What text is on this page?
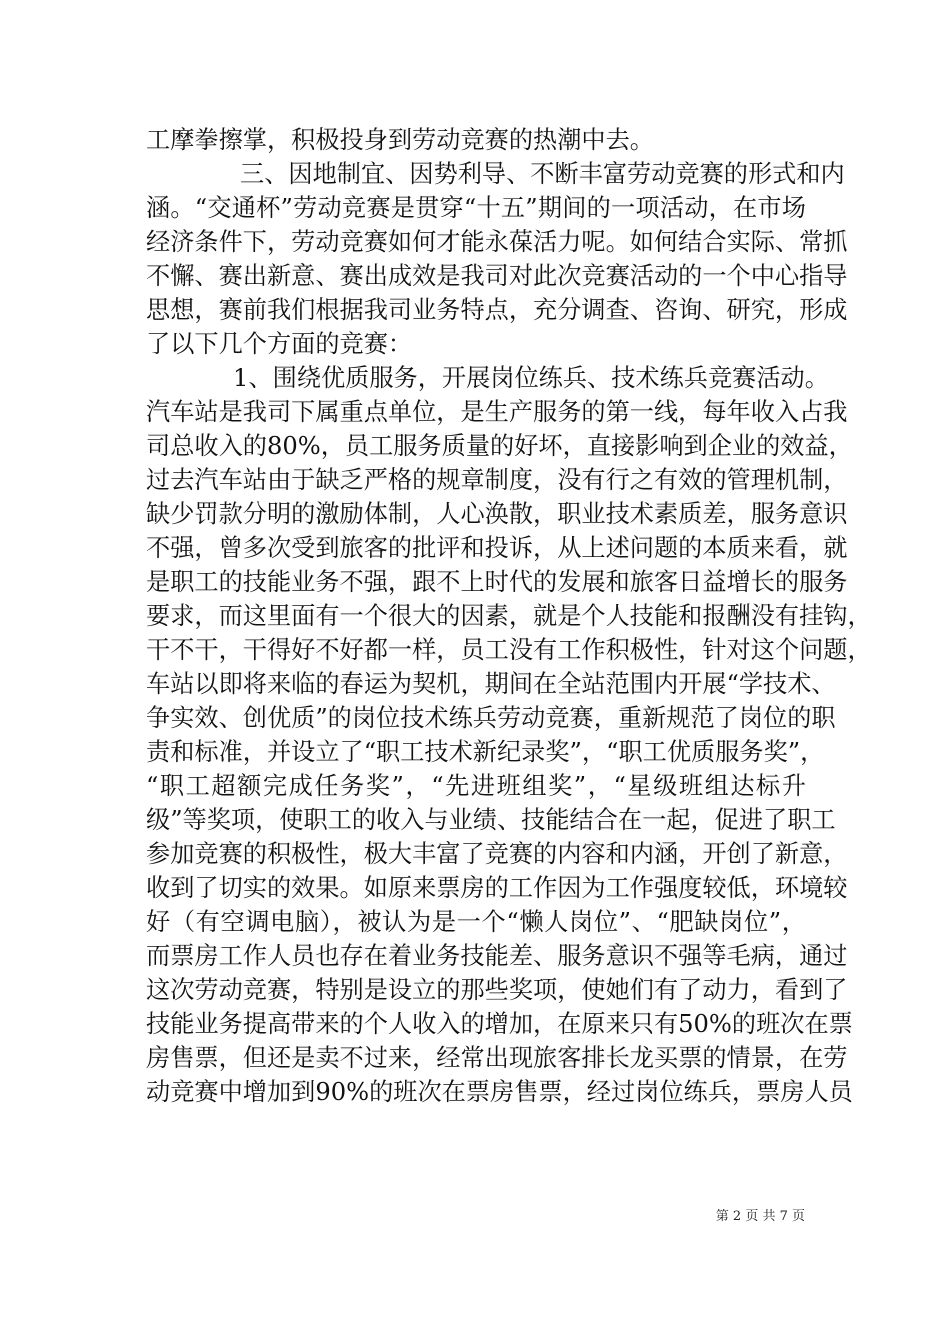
工摩拳擦掌，积极投身到劳动竞赛的热潮中去。
三、因地制宜、因势利导、不断丰富劳动竞赛的形式和内
涵。“交通杯”劳动竞赛是贯穿“十五”期间的一项活动，在市场
经济条件下，劳动竞赛如何才能永葆活力呢。如何结合实际、常抓
不懈、赛出新意、赛出成效是我司对此次竞赛活动的一个中心指导
思想，赛前我们根据我司业务特点，充分调查、咨询、研究，形成
了以下几个方面的竞赛：
1、围绕优质服务，开展岗位练兵、技术练兵竞赛活动。
汽车站是我司下属重点单位，是生产服务的第一线，每年收入占我
司总收入的80%，员工服务质量的好坏，直接影响到企业的效益，
过去汽车站由于缺乏严格的规章制度，没有行之有效的管理机制，
缺少罚款分明的激励体制，人心涣散，职业技术素质差，服务意识
不强，曾多次受到旅客的批评和投诉，从上述问题的本质来看，就
是职工的技能业务不强，跟不上时代的发展和旅客日益增长的服务
要求，而这里面有一个很大的因素，就是个人技能和报酬没有挂钩，
干不干，干得好不好都一样，员工没有工作积极性，针对这个问题，
车站以即将来临的春运为契机，期间在全站范围内开展“学技术、
争实效、创优质”的岗位技术练兵劳动竞赛，重新规范了岗位的职
责和标准，并设立了“职工技术新纪录奖”，“职工优质服务奖”，
“职工超额完成任务奖”，“先进班组奖”，“星级班组达标升
级”等奖项，使职工的收入与业绩、技能结合在一起，促进了职工
参加竞赛的积极性，极大丰富了竞赛的内容和内涵，开创了新意，
收到了切实的效果。如原来票房的工作因为工作强度较低，环境较
好（有空调电脑），被认为是一个“懒人岗位”、“肥缺岗位”，
而票房工作人员也存在着业务技能差、服务意识不强等毛病，通过
这次劳动竞赛，特别是设立的那些奖项，使她们有了动力，看到了
技能业务提高带来的个人收入的增加，在原来只有50%的班次在票
房售票，但还是卖不过来，经常出现旅客排长龙买票的情景，在劳
动竞赛中增加到90%的班次在票房售票，经过岗位练兵，票房人员
第 2 页 共 7 页
